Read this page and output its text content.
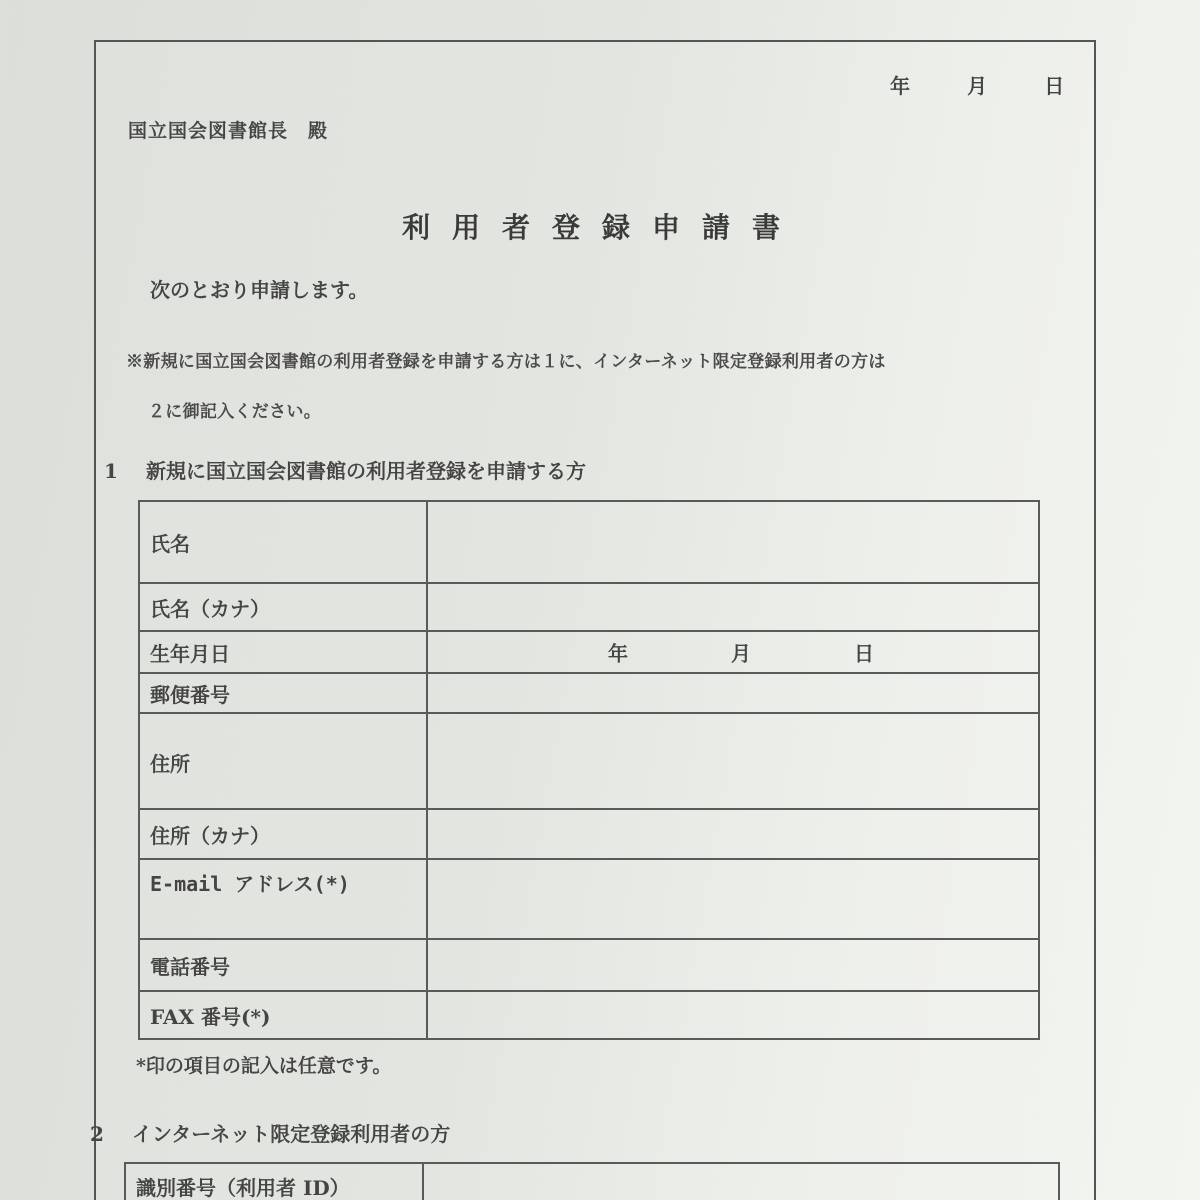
年	月	日
国立国会図書館長　殿
利用者登録申請書
次のとおり申請します。
※新規に国立国会図書館の利用者登録を申請する方は１に、インターネット限定登録利用者の方は
２に御記入ください。
1 新規に国立国会図書館の利用者登録を申請する方
氏名	
氏名（カナ）	
生年月日	年 月 日

郵便番号	
住所	
住所（カナ）	
E-mail アドレス(*)	
電話番号	
FAX 番号(*)	
*印の項目の記入は任意です。
2 インターネット限定登録利用者の方
識別番号（利用者 ID）	
